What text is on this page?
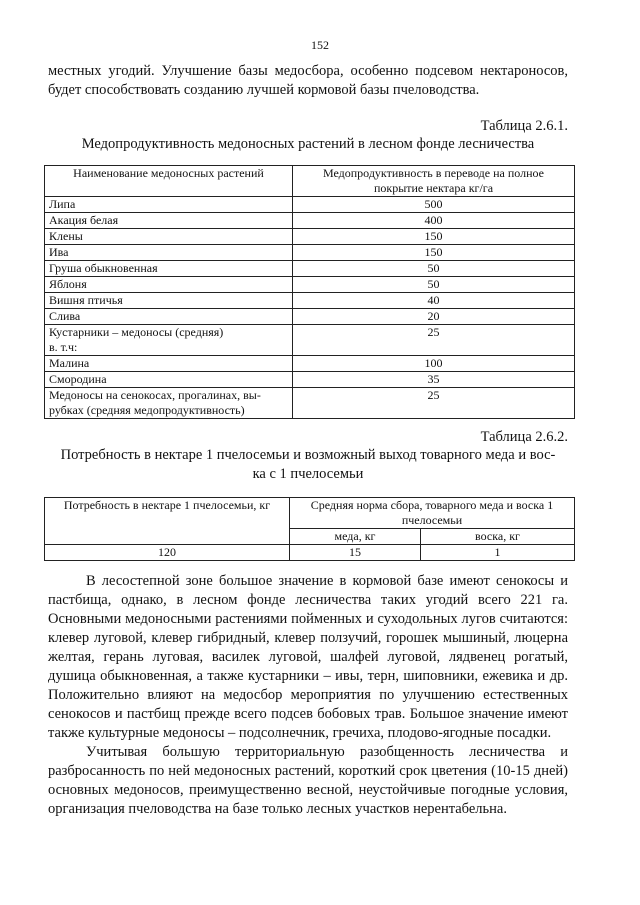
152

местных угодий. Улучшение базы медосбора, особенно подсевом нектароносов, будет способствовать созданию лучшей кормовой базы пчеловодства.

Таблица 2.6.1.
Медопродуктивность медоносных растений в лесном фонде лесничества
Наименование медоносных растений	Медопродуктивность в переводе на полное покрытие нектара кг/га
Липа	500
Акация белая	400
Клены	150
Ива	150
Груша обыкновенная	50
Яблоня	50
Вишня птичья	40
Слива	20

Кустарники – медоносы (средняя)
в. т.ч:	25
Малина	100
Смородина	35

Медоносы на сенокосах, прогалинах, вы-
рубках (средняя медопродуктивность)	25
Таблица 2.6.2.
Потребность в нектаре 1 пчелосемьи и возможный выход товарного меда и вос-
ка с 1 пчелосемьи
Потребность в нектаре 1 пчелосемьи, кг	Средняя норма сбора, товарного меда и воска 1 пчелосемьи	
	меда, кг	воска, кг
120	15	1

В лесостепной зоне большое значение в кормовой базе имеют сенокосы и пастбища, однако, в лесном фонде лесничества таких угодий всего 221 га. Основными медоносными растениями пойменных и суходольных лугов считаются: клевер луговой, клевер гибридный, клевер ползучий, горошек мышиный, люцерна желтая, герань луговая, василек луговой, шалфей луговой, лядвенец рогатый, душица обыкновенная, а также кустарники – ивы, терн, шиповники, ежевика и др. Положительно влияют на медосбор мероприятия по улучшению естественных сенокосов и пастбищ прежде всего подсев бобовых трав. Большое значение имеют также культурные медоносы – подсолнечник, гречиха, плодово-ягодные посадки.

Учитывая большую территориальную разобщенность лесничества и разбросанность по ней медоносных растений, короткий срок цветения (10-15 дней) основных медоносов, преимущественно весной, неустойчивые погодные условия, организация пчеловодства на базе только лесных участков нерентабельна.
